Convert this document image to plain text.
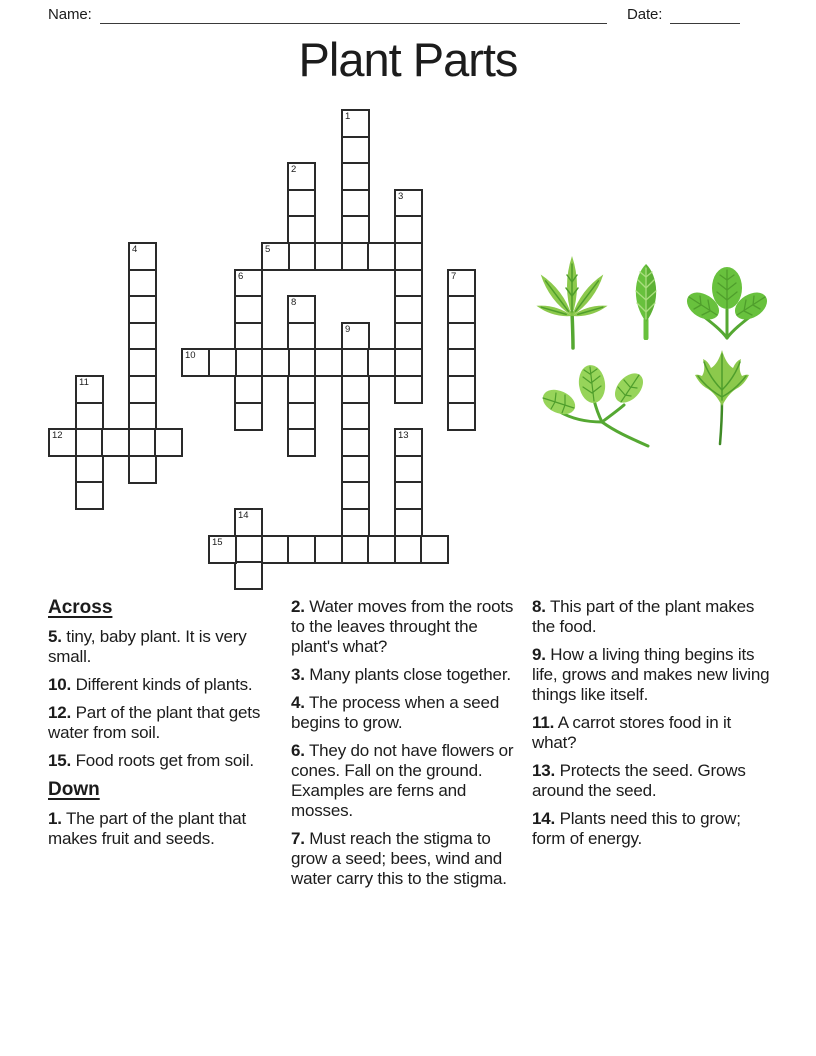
Name:	Date:
Plant Parts
1
2
3
4	5
6	7
8
9
10
11
12	13
14
15
Across

5. tiny, baby plant. It is very small.

10. Different kinds of plants.

12. Part of the plant that gets water from soil.

15. Food roots get from soil.

Down

1. The part of the plant that makes fruit and seeds.

2. Water moves from the roots to the leaves throught the plant's what?

3. Many plants close together.

4. The process when a seed begins to grow.

6. They do not have flowers or cones. Fall on the ground. Examples are ferns and mosses.

7. Must reach the stigma to grow a seed; bees, wind and water carry this to the stigma.

8. This part of the plant makes the food.

9. How a living thing begins its life, grows and makes new living things like itself.

11. A carrot stores food in it what?

13. Protects the seed. Grows around the seed.

14. Plants need this to grow; form of energy.
